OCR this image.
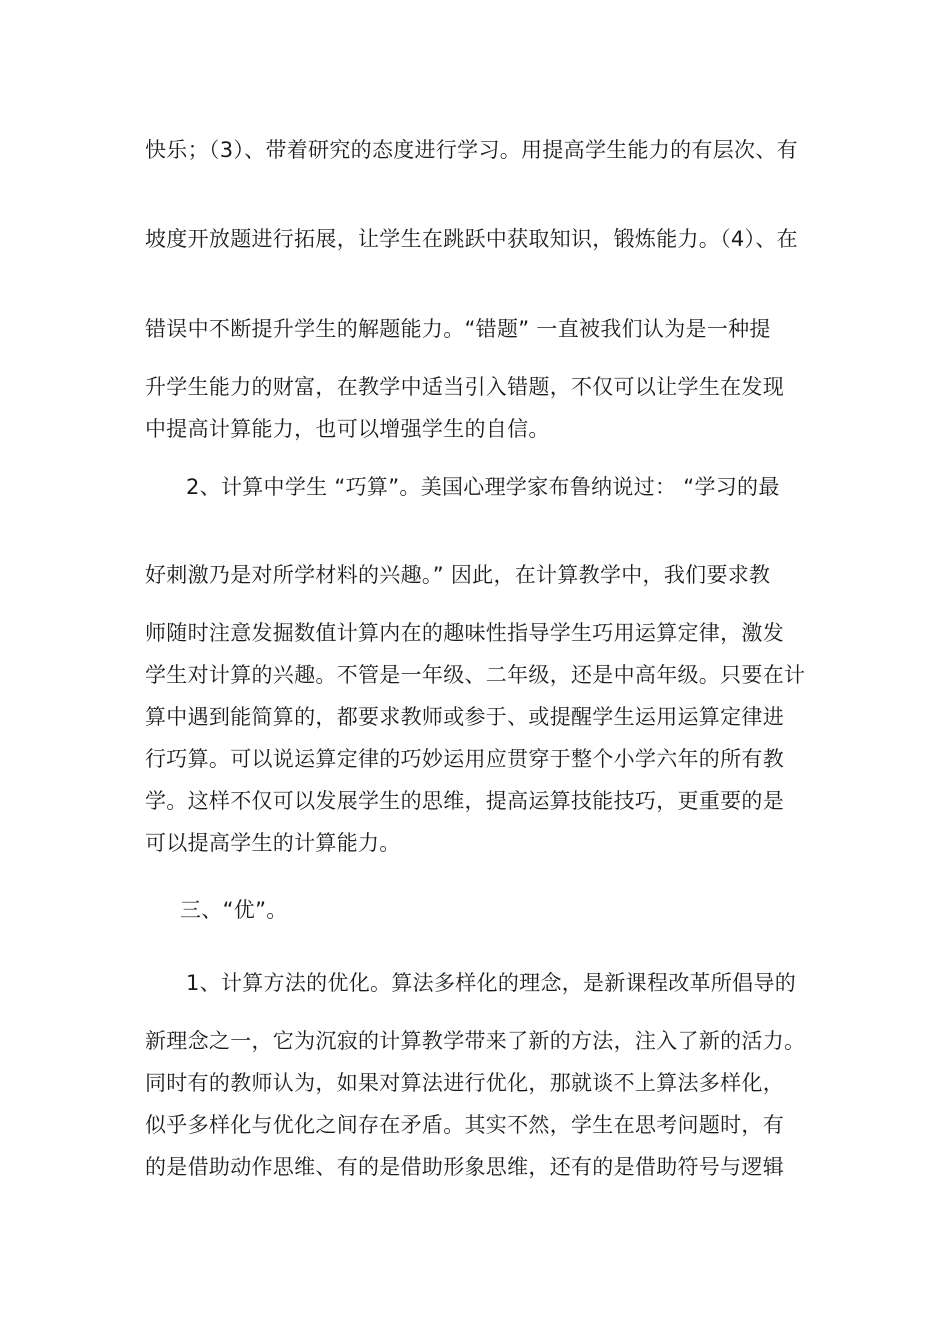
快乐；（3）、带着研究的态度进行学习。用提高学生能力的有层次、有
坡度开放题进行拓展，让学生在跳跃中获取知识，锻炼能力。（4）、在
错误中不断提升学生的解题能力。“错题” 一直被我们认为是一种提
升学生能力的财富，在教学中适当引入错题，不仅可以让学生在发现
中提高计算能力，也可以增强学生的自信。
2、计算中学生 “巧算”。美国心理学家布鲁纳说过： “学习的最
好刺激乃是对所学材料的兴趣。” 因此，在计算教学中，我们要求教
师随时注意发掘数值计算内在的趣味性指导学生巧用运算定律，激发
学生对计算的兴趣。不管是一年级、二年级，还是中高年级。只要在计
算中遇到能简算的，都要求教师或参于、或提醒学生运用运算定律进
行巧算。可以说运算定律的巧妙运用应贯穿于整个小学六年的所有教
学。这样不仅可以发展学生的思维，提高运算技能技巧，更重要的是
可以提高学生的计算能力。
三、“优”。
1、计算方法的优化。算法多样化的理念，是新课程改革所倡导的
新理念之一，它为沉寂的计算教学带来了新的方法，注入了新的活力。
同时有的教师认为，如果对算法进行优化，那就谈不上算法多样化，
似乎多样化与优化之间存在矛盾。其实不然，学生在思考问题时，有
的是借助动作思维、有的是借助形象思维，还有的是借助符号与逻辑
